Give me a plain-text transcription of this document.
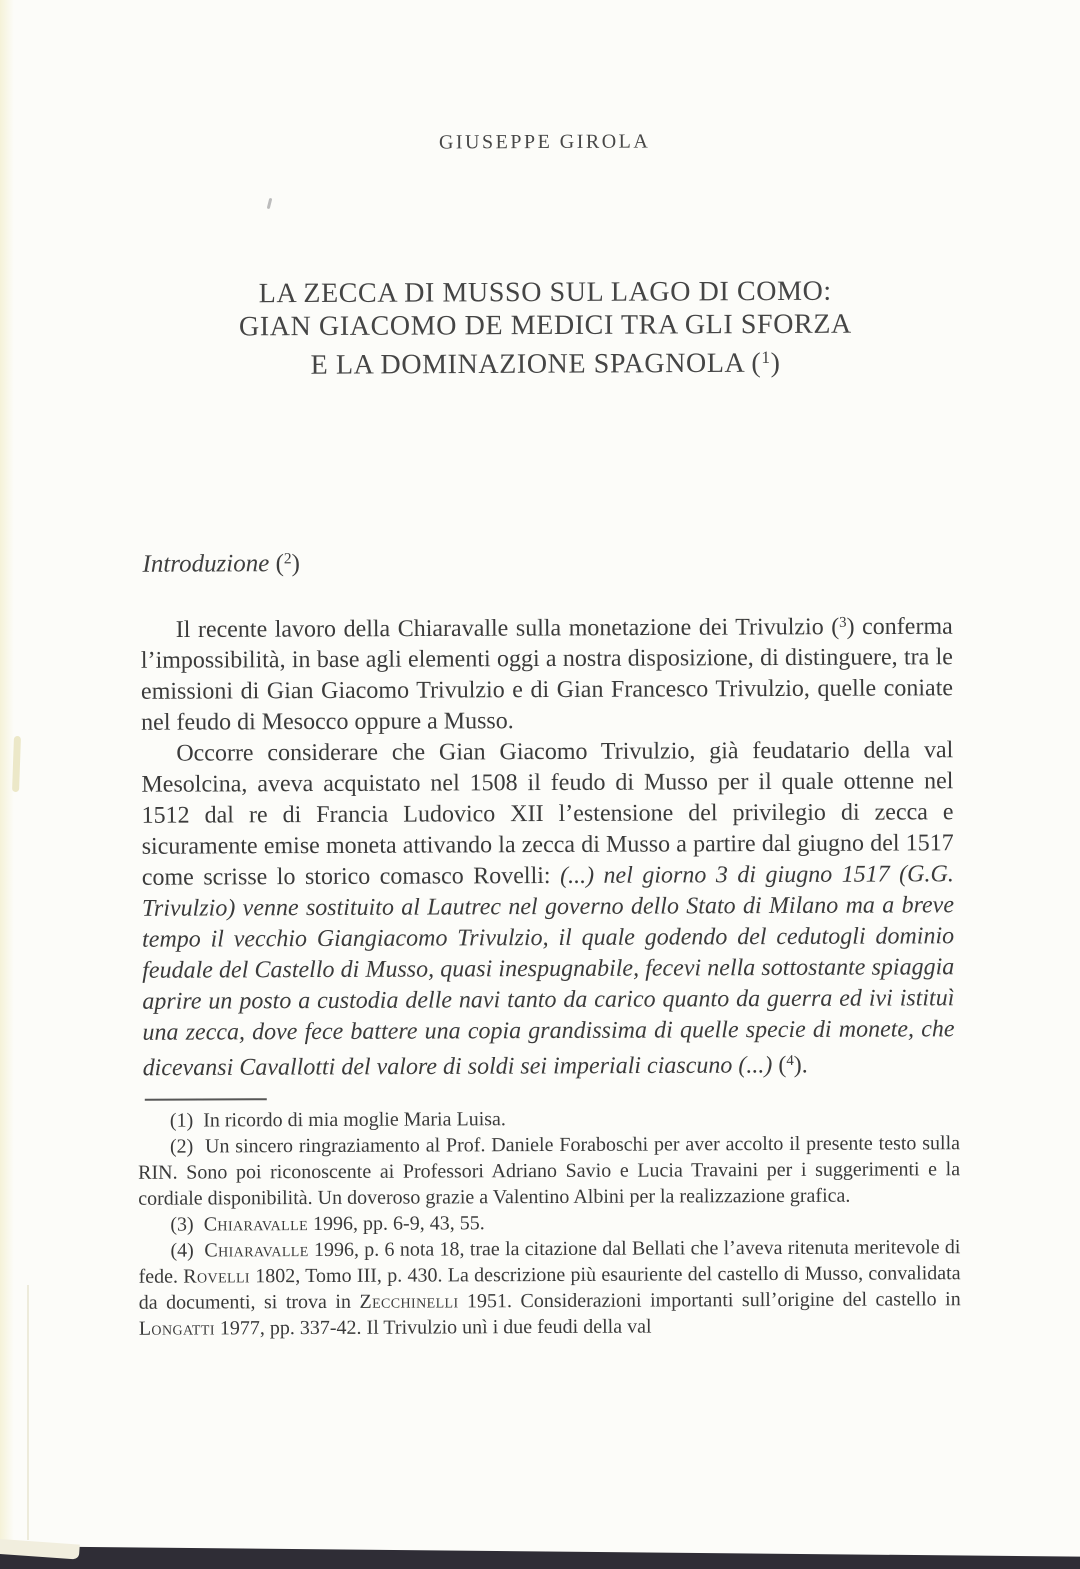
GIUSEPPE GIROLA
LA ZECCA DI MUSSO SUL LAGO DI COMO:
GIAN GIACOMO DE MEDICI TRA GLI SFORZA
E LA DOMINAZIONE SPAGNOLA ($^1$)
Introduzione ($^2$)
Il recente lavoro della Chiaravalle sulla monetazione dei Trivulzio ($^3$) conferma l’impossibilità, in base agli elementi oggi a nostra disposizione, di distinguere, tra le emissioni di Gian Giacomo Trivulzio e di Gian Francesco Trivulzio, quelle coniate nel feudo di Mesocco oppure a Musso.
Occorre considerare che Gian Giacomo Trivulzio, già feudatario della val Mesolcina, aveva acquistato nel 1508 il feudo di Musso per il quale ottenne nel 1512 dal re di Francia Ludovico XII l’estensione del privilegio di zecca e sicuramente emise moneta attivando la zecca di Musso a partire dal giugno del 1517 come scrisse lo storico comasco Rovelli: (...) nel giorno 3 di giugno 1517 (G.G. Trivulzio) venne sostituito al Lautrec nel governo dello Stato di Milano ma a breve tempo il vecchio Giangiacomo Trivulzio, il quale godendo del cedutogli dominio feudale del Castello di Musso, quasi inespugnabile, fecevi nella sottostante spiaggia aprire un posto a custodia delle navi tanto da carico quanto da guerra ed ivi istituì una zecca, dove fece battere una copia grandissima di quelle specie di monete, che dicevansi Cavallotti del valore di soldi sei imperiali ciascuno (...) ($^4$).
(1)  In ricordo di mia moglie Maria Luisa.
(2)  Un sincero ringraziamento al Prof. Daniele Foraboschi per aver accolto il presente testo sulla RIN. Sono poi riconoscente ai Professori Adriano Savio e Lucia Travaini per i suggerimenti e la cordiale disponibilità. Un doveroso grazie a Valentino Albini per la realizzazione grafica.
(3)  Chiaravalle 1996, pp. 6-9, 43, 55.
(4)  Chiaravalle 1996, p. 6 nota 18, trae la citazione dal Bellati che l’aveva ritenuta meritevole di fede. Rovelli 1802, Tomo III, p. 430. La descrizione più esauriente del castello di Musso, convalidata da documenti, si trova in Zecchinelli 1951. Considerazioni importanti sull’origine del castello in Longatti 1977, pp. 337-42. Il Trivulzio unì i due feudi della val
